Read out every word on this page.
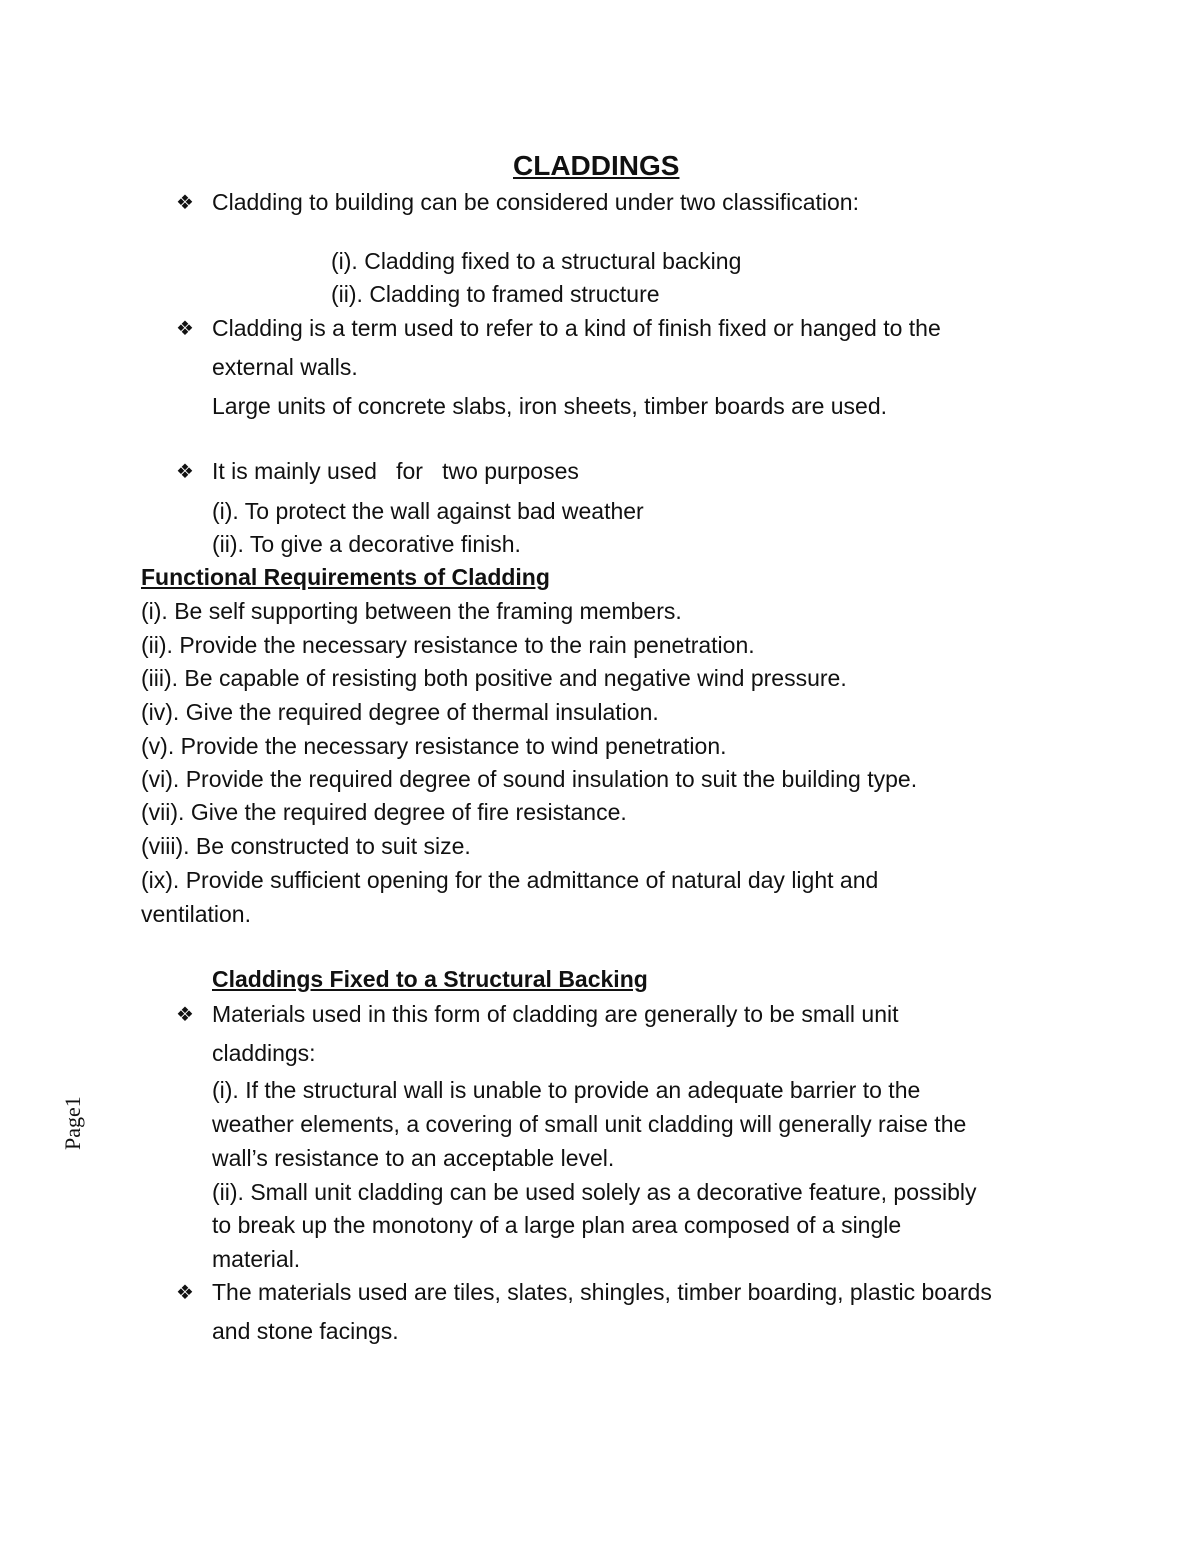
CLADDINGS
❖ Cladding to building can be considered under two classification:
(i). Cladding fixed to a structural backing
(ii). Cladding to framed structure
❖ Cladding is a term used to refer to a kind of finish fixed or hanged to the
external walls.
Large units of concrete slabs, iron sheets, timber boards are used.
❖ It is mainly used   for   two purposes
(i). To protect the wall against bad weather
(ii). To give a decorative finish.
Functional Requirements of Cladding
(i). Be self supporting between the framing members.
(ii). Provide the necessary resistance to the rain penetration.
(iii). Be capable of resisting both positive and negative wind pressure.
(iv). Give the required degree of thermal insulation.
(v). Provide the necessary resistance to wind penetration.
(vi). Provide the required degree of sound insulation to suit the building type.
(vii). Give the required degree of fire resistance.
(viii). Be constructed to suit size.
(ix). Provide sufficient opening for the admittance of natural day light and
ventilation.
Claddings Fixed to a Structural Backing
❖ Materials used in this form of cladding are generally to be small unit
claddings:
(i). If the structural wall is unable to provide an adequate barrier to the
weather elements, a covering of small unit cladding will generally raise the
wall’s resistance to an acceptable level.
(ii). Small unit cladding can be used solely as a decorative feature, possibly
to break up the monotony of a large plan area composed of a single
material.
❖ The materials used are tiles, slates, shingles, timber boarding, plastic boards
and stone facings.
Page1
